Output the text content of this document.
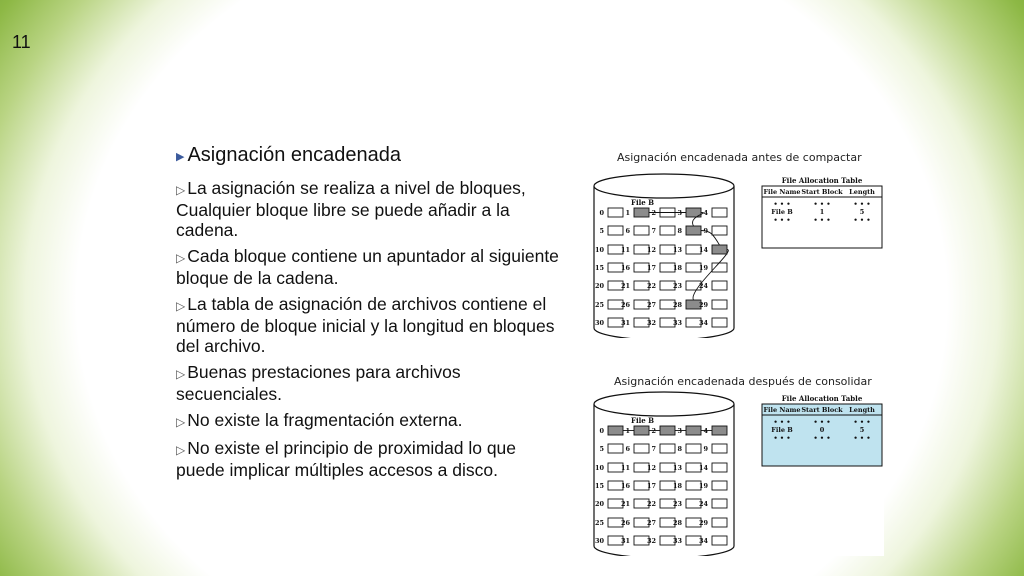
11
▶ Asignación encadenada
▷ La asignación se realiza a nivel de bloques, Cualquier bloque libre se puede añadir a la cadena.
▷ Cada bloque contiene un apuntador al siguiente bloque de la cadena.
▷ La tabla de asignación de archivos contiene el número de bloque inicial y la longitud en bloques del archivo.
▷ Buenas prestaciones para archivos secuenciales.
▷ No existe la fragmentación externa.
▷ No existe el principio de proximidad lo que puede implicar múltiples accesos a disco.
Asignación encadenada antes de compactar
Asignación encadenada después de consolidar
File B
0	1	2	3	4
5	6	7	8	9
10	11	12	13	14
15	16	17	18	19
20	21	22	23	24
25	26	27	28	29
30	31	32	33	34
File Allocation Table
File Name Start Block Length
• • •	• • •	• • •
File B	1	5
• • •	• • •	• • •
File B
0	1	2	3	4
5	6	7	8	9
10	11	12	13	14
15	16	17	18	19
20	21	22	23	24
25	26	27	28	29
30	31	32	33	34
File Allocation Table
File Name Start Block Length
• • •	• • •	• • •
File B	0	5
• • •	• • •	• • •
